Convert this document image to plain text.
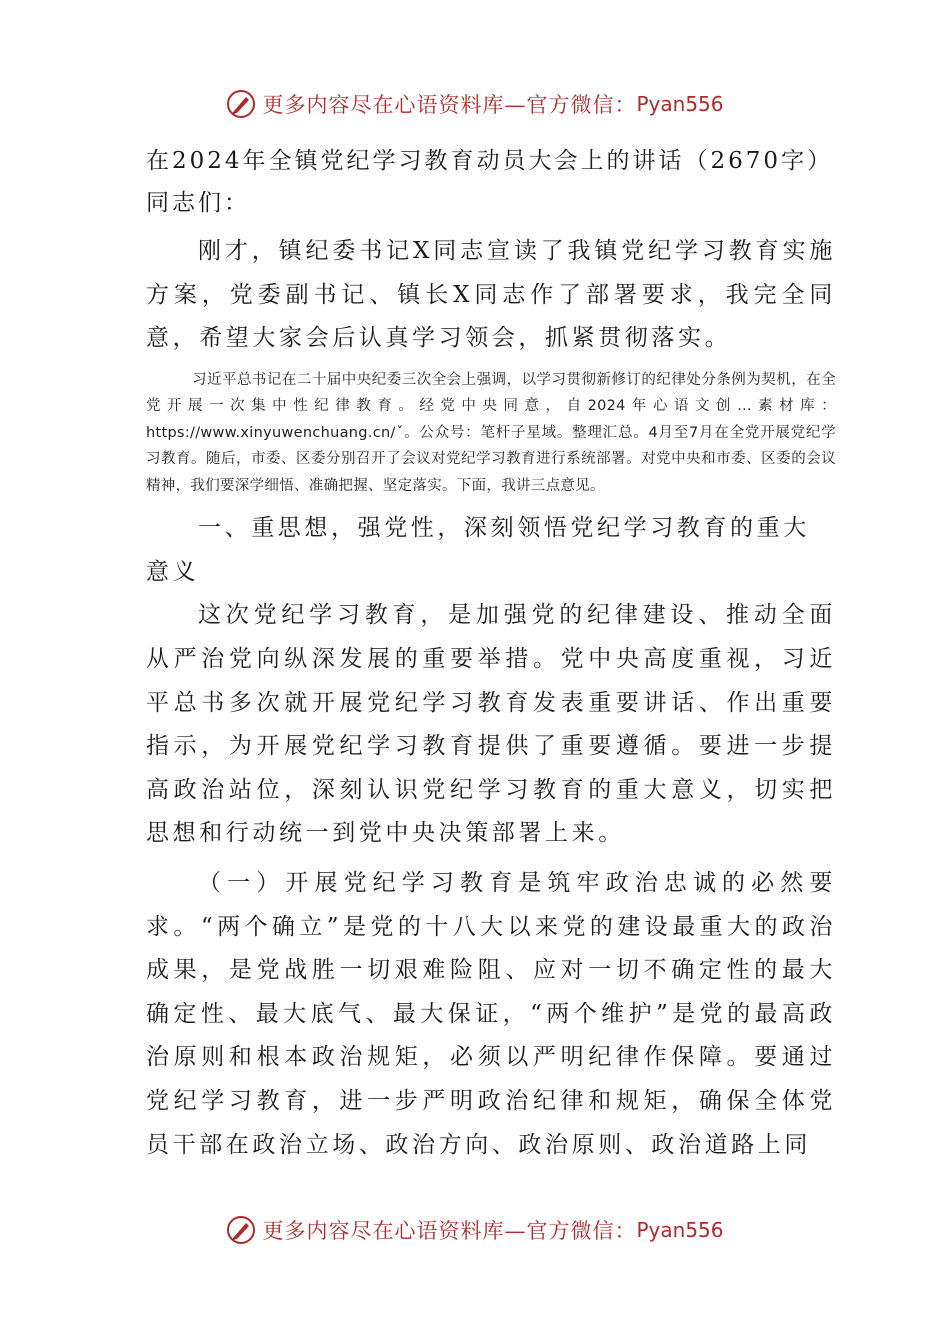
更多内容尽在心语资料库—官方微信： Pyan556
在2024年全镇党纪学习教育动员大会上的讲话（2670字）

同志们：

刚才，镇纪委书记X同志宣读了我镇党纪学习教育实施方案，党委副书记、镇长X同志作了部署要求，我完全同意，希望大家会后认真学习领会，抓紧贯彻落实。

习近平总书记在二十届中央纪委三次全会上强调，以学习贯彻新修订的纪律处分条例为契机，在全党开展一次集中性纪律教育。经党中央同意，自2024年心语文创…素材库：https://www.xinyuwenchuang.cn/ˇ。公众号：笔杆子星域。整理汇总。4月至7月在全党开展党纪学习教育。随后，市委、区委分别召开了会议对党纪学习教育进行系统部署。对党中央和市委、区委的会议精神，我们要深学细悟、准确把握、坚定落实。下面，我讲三点意见。

一、重思想，强党性，深刻领悟党纪学习教育的重大意义

这次党纪学习教育，是加强党的纪律建设、推动全面从严治党向纵深发展的重要举措。党中央高度重视，习近平总书多次就开展党纪学习教育发表重要讲话、作出重要指示，为开展党纪学习教育提供了重要遵循。要进一步提高政治站位，深刻认识党纪学习教育的重大意义，切实把思想和行动统一到党中央决策部署上来。

（一）开展党纪学习教育是筑牢政治忠诚的必然要求。“两个确立”是党的十八大以来党的建设最重大的政治成果，是党战胜一切艰难险阻、应对一切不确定性的最大确定性、最大底气、最大保证，“两个维护”是党的最高政治原则和根本政治规矩，必须以严明纪律作保障。要通过党纪学习教育，进一步严明政治纪律和规矩，确保全体党员干部在政治立场、政治方向、政治原则、政治道路上同

更多内容尽在心语资料库—官方微信： Pyan556
